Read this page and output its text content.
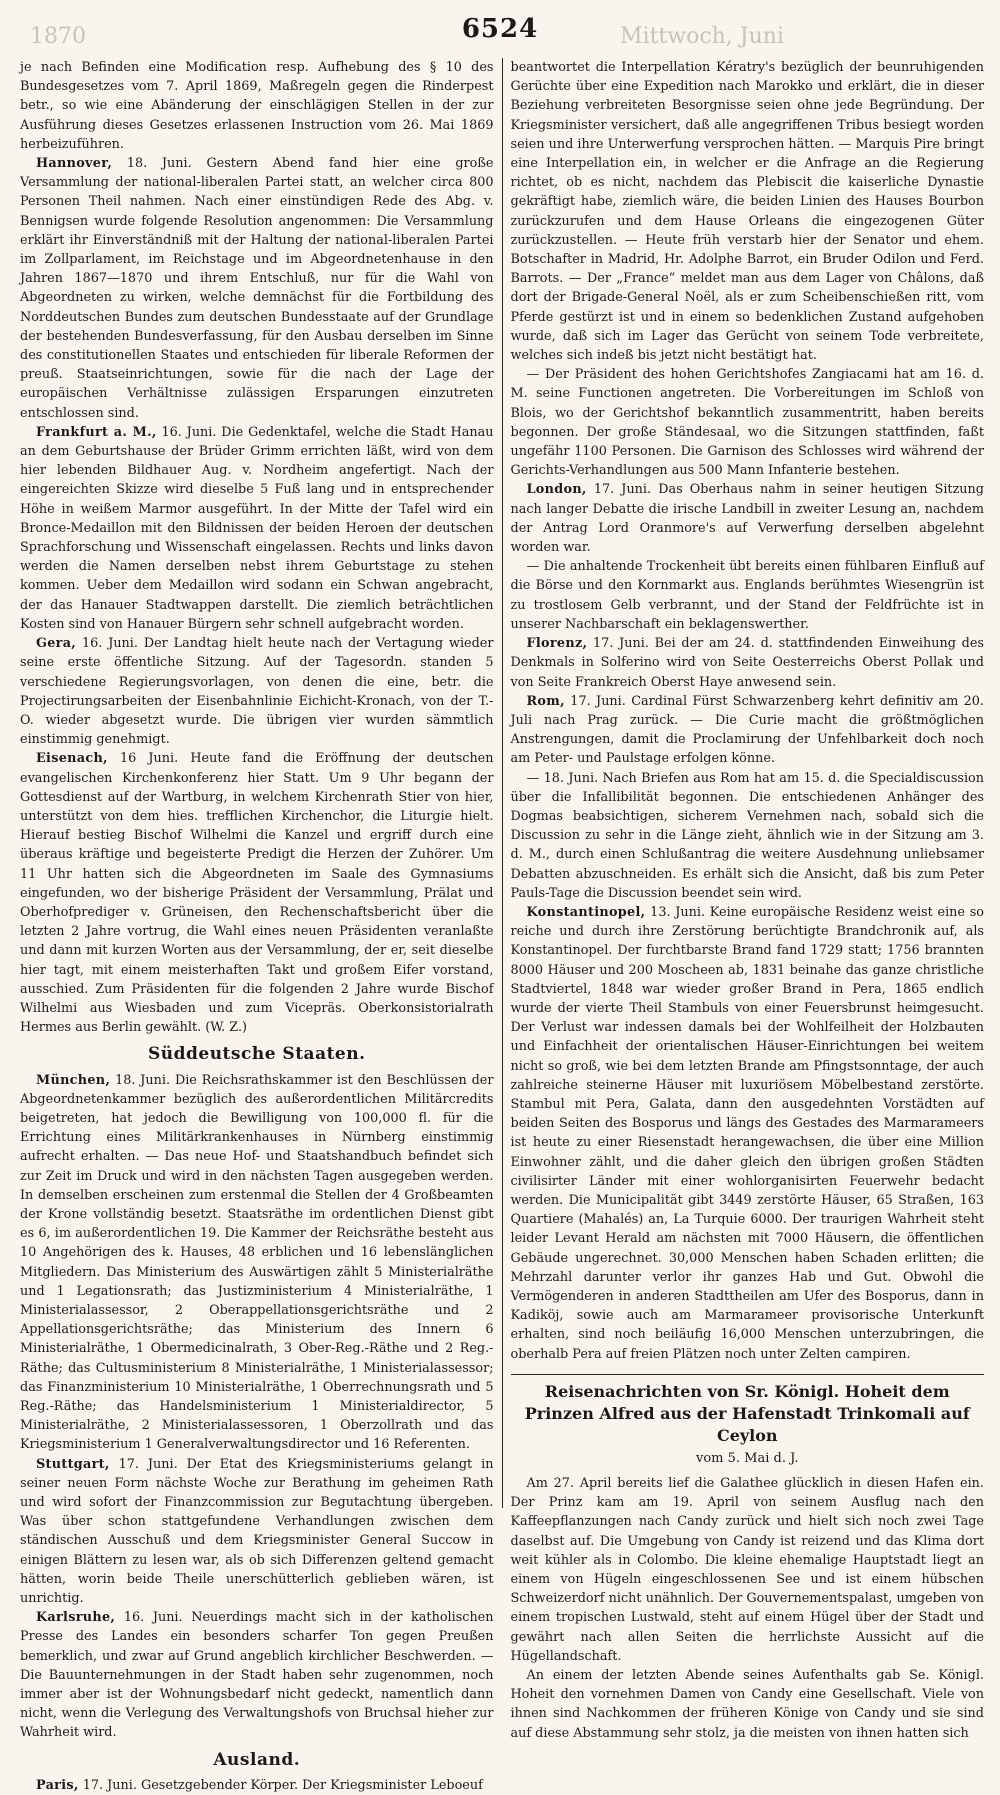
1870	Mittwoch, Juni
6524

je nach Befinden eine Modification resp. Aufhebung des § 10 des Bundesgesetzes vom 7. April 1869, Maßregeln gegen die Rinderpest betr., so wie eine Abänderung der einschlägigen Stellen in der zur Ausführung dieses Gesetzes erlassenen Instruction vom 26. Mai 1869 herbeizuführen.

Hannover, 18. Juni. Gestern Abend fand hier eine große Versammlung der national-liberalen Partei statt, an welcher circa 800 Personen Theil nahmen. Nach einer einstündigen Rede des Abg. v. Bennigsen wurde folgende Resolution angenommen: Die Versammlung erklärt ihr Einverständniß mit der Haltung der national-liberalen Partei im Zollparlament, im Reichstage und im Abgeordnetenhause in den Jahren 1867—1870 und ihrem Entschluß, nur für die Wahl von Abgeordneten zu wirken, welche demnächst für die Fortbildung des Norddeutschen Bundes zum deutschen Bundesstaate auf der Grundlage der bestehenden Bundesverfassung, für den Ausbau derselben im Sinne des constitutionellen Staates und entschieden für liberale Reformen der preuß. Staatseinrichtungen, sowie für die nach der Lage der europäischen Verhältnisse zulässigen Ersparungen einzutreten entschlossen sind.

Frankfurt a. M., 16. Juni. Die Gedenktafel, welche die Stadt Hanau an dem Geburtshause der Brüder Grimm errichten läßt, wird von dem hier lebenden Bildhauer Aug. v. Nordheim angefertigt. Nach der eingereichten Skizze wird dieselbe 5 Fuß lang und in entsprechender Höhe in weißem Marmor ausgeführt. In der Mitte der Tafel wird ein Bronce-Medaillon mit den Bildnissen der beiden Heroen der deutschen Sprachforschung und Wissenschaft eingelassen. Rechts und links davon werden die Namen derselben nebst ihrem Geburtstage zu stehen kommen. Ueber dem Medaillon wird sodann ein Schwan angebracht, der das Hanauer Stadtwappen darstellt. Die ziemlich beträchtlichen Kosten sind von Hanauer Bürgern sehr schnell aufgebracht worden.

Gera, 16. Juni. Der Landtag hielt heute nach der Vertagung wieder seine erste öffentliche Sitzung. Auf der Tagesordn. standen 5 verschiedene Regierungsvorlagen, von denen die eine, betr. die Projectirungsarbeiten der Eisenbahnlinie Eichicht-Kronach, von der T.-O. wieder abgesetzt wurde. Die übrigen vier wurden sämmtlich einstimmig genehmigt.

Eisenach, 16 Juni. Heute fand die Eröffnung der deutschen evangelischen Kirchenkonferenz hier Statt. Um 9 Uhr begann der Gottesdienst auf der Wartburg, in welchem Kirchenrath Stier von hier, unterstützt von dem hies. trefflichen Kirchenchor, die Liturgie hielt. Hierauf bestieg Bischof Wilhelmi die Kanzel und ergriff durch eine überaus kräftige und begeisterte Predigt die Herzen der Zuhörer. Um 11 Uhr hatten sich die Abgeordneten im Saale des Gymnasiums eingefunden, wo der bisherige Präsident der Versammlung, Prälat und Oberhofprediger v. Grüneisen, den Rechenschaftsbericht über die letzten 2 Jahre vortrug, die Wahl eines neuen Präsidenten veranlaßte und dann mit kurzen Worten aus der Versammlung, der er, seit dieselbe hier tagt, mit einem meisterhaften Takt und großem Eifer vorstand, ausschied. Zum Präsidenten für die folgenden 2 Jahre wurde Bischof Wilhelmi aus Wiesbaden und zum Vicepräs. Oberkonsistorialrath Hermes aus Berlin gewählt. (W. Z.)

Süddeutsche Staaten.

München, 18. Juni. Die Reichsrathskammer ist den Beschlüssen der Abgeordnetenkammer bezüglich des außerordentlichen Militärcredits beigetreten, hat jedoch die Bewilligung von 100,000 fl. für die Errichtung eines Militärkrankenhauses in Nürnberg einstimmig aufrecht erhalten. — Das neue Hof- und Staatshandbuch befindet sich zur Zeit im Druck und wird in den nächsten Tagen ausgegeben werden. In demselben erscheinen zum erstenmal die Stellen der 4 Großbeamten der Krone vollständig besetzt. Staatsräthe im ordentlichen Dienst gibt es 6, im außerordentlichen 19. Die Kammer der Reichsräthe besteht aus 10 Angehörigen des k. Hauses, 48 erblichen und 16 lebenslänglichen Mitgliedern. Das Ministerium des Auswärtigen zählt 5 Ministerialräthe und 1 Legationsrath; das Justizministerium 4 Ministerialräthe, 1 Ministerialassessor, 2 Oberappellationsgerichtsräthe und 2 Appellationsgerichtsräthe; das Ministerium des Innern 6 Ministerialräthe, 1 Obermedicinalrath, 3 Ober-Reg.-Räthe und 2 Reg.-Räthe; das Cultusministerium 8 Ministerialräthe, 1 Ministerialassessor; das Finanzministerium 10 Ministerialräthe, 1 Oberrechnungsrath und 5 Reg.-Räthe; das Handelsministerium 1 Ministerialdirector, 5 Ministerialräthe, 2 Ministerialassessoren, 1 Oberzollrath und das Kriegsministerium 1 Generalverwaltungsdirector und 16 Referenten.

Stuttgart, 17. Juni. Der Etat des Kriegsministeriums gelangt in seiner neuen Form nächste Woche zur Berathung im geheimen Rath und wird sofort der Finanzcommission zur Begutachtung übergeben. Was über schon stattgefundene Verhandlungen zwischen dem ständischen Ausschuß und dem Kriegsminister General Succow in einigen Blättern zu lesen war, als ob sich Differenzen geltend gemacht hätten, worin beide Theile unerschütterlich geblieben wären, ist unrichtig.

Karlsruhe, 16. Juni. Neuerdings macht sich in der katholischen Presse des Landes ein besonders scharfer Ton gegen Preußen bemerklich, und zwar auf Grund angeblich kirchlicher Beschwerden. — Die Bauunternehmungen in der Stadt haben sehr zugenommen, noch immer aber ist der Wohnungsbedarf nicht gedeckt, namentlich dann nicht, wenn die Verlegung des Verwaltungshofs von Bruchsal hieher zur Wahrheit wird.

Ausland.

Paris, 17. Juni. Gesetzgebender Körper. Der Kriegsminister Leboeuf

beantwortet die Interpellation Kératry's bezüglich der beunruhigenden Gerüchte über eine Expedition nach Marokko und erklärt, die in dieser Beziehung verbreiteten Besorgnisse seien ohne jede Begründung. Der Kriegsminister versichert, daß alle angegriffenen Tribus besiegt worden seien und ihre Unterwerfung versprochen hätten. — Marquis Pire bringt eine Interpellation ein, in welcher er die Anfrage an die Regierung richtet, ob es nicht, nachdem das Plebiscit die kaiserliche Dynastie gekräftigt habe, ziemlich wäre, die beiden Linien des Hauses Bourbon zurückzurufen und dem Hause Orleans die eingezogenen Güter zurückzustellen. — Heute früh verstarb hier der Senator und ehem. Botschafter in Madrid, Hr. Adolphe Barrot, ein Bruder Odilon und Ferd. Barrots. — Der „France“ meldet man aus dem Lager von Châlons, daß dort der Brigade-General Noël, als er zum Scheibenschießen ritt, vom Pferde gestürzt ist und in einem so bedenklichen Zustand aufgehoben wurde, daß sich im Lager das Gerücht von seinem Tode verbreitete, welches sich indeß bis jetzt nicht bestätigt hat.

— Der Präsident des hohen Gerichtshofes Zangiacami hat am 16. d. M. seine Functionen angetreten. Die Vorbereitungen im Schloß von Blois, wo der Gerichtshof bekanntlich zusammentritt, haben bereits begonnen. Der große Ständesaal, wo die Sitzungen stattfinden, faßt ungefähr 1100 Personen. Die Garnison des Schlosses wird während der Gerichts-Verhandlungen aus 500 Mann Infanterie bestehen.

London, 17. Juni. Das Oberhaus nahm in seiner heutigen Sitzung nach langer Debatte die irische Landbill in zweiter Lesung an, nachdem der Antrag Lord Oranmore's auf Verwerfung derselben abgelehnt worden war.

— Die anhaltende Trockenheit übt bereits einen fühlbaren Einfluß auf die Börse und den Kornmarkt aus. Englands berühmtes Wiesengrün ist zu trostlosem Gelb verbrannt, und der Stand der Feldfrüchte ist in unserer Nachbarschaft ein beklagenswerther.

Florenz, 17. Juni. Bei der am 24. d. stattfindenden Einweihung des Denkmals in Solferino wird von Seite Oesterreichs Oberst Pollak und von Seite Frankreich Oberst Haye anwesend sein.

Rom, 17. Juni. Cardinal Fürst Schwarzenberg kehrt definitiv am 20. Juli nach Prag zurück. — Die Curie macht die größtmöglichen Anstrengungen, damit die Proclamirung der Unfehlbarkeit doch noch am Peter- und Paulstage erfolgen könne.

— 18. Juni. Nach Briefen aus Rom hat am 15. d. die Specialdiscussion über die Infallibilität begonnen. Die entschiedenen Anhänger des Dogmas beabsichtigen, sicherem Vernehmen nach, sobald sich die Discussion zu sehr in die Länge zieht, ähnlich wie in der Sitzung am 3. d. M., durch einen Schlußantrag die weitere Ausdehnung unliebsamer Debatten abzuschneiden. Es erhält sich die Ansicht, daß bis zum Peter Pauls-Tage die Discussion beendet sein wird.

Konstantinopel, 13. Juni. Keine europäische Residenz weist eine so reiche und durch ihre Zerstörung berüchtigte Brandchronik auf, als Konstantinopel. Der furchtbarste Brand fand 1729 statt; 1756 brannten 8000 Häuser und 200 Moscheen ab, 1831 beinahe das ganze christliche Stadtviertel, 1848 war wieder großer Brand in Pera, 1865 endlich wurde der vierte Theil Stambuls von einer Feuersbrunst heimgesucht. Der Verlust war indessen damals bei der Wohlfeilheit der Holzbauten und Einfachheit der orientalischen Häuser-Einrichtungen bei weitem nicht so groß, wie bei dem letzten Brande am Pfingstsonntage, der auch zahlreiche steinerne Häuser mit luxuriösem Möbelbestand zerstörte. Stambul mit Pera, Galata, dann den ausgedehnten Vorstädten auf beiden Seiten des Bosporus und längs des Gestades des Marmarameers ist heute zu einer Riesenstadt herangewachsen, die über eine Million Einwohner zählt, und die daher gleich den übrigen großen Städten civilisirter Länder mit einer wohlorganisirten Feuerwehr bedacht werden. Die Municipalität gibt 3449 zerstörte Häuser, 65 Straßen, 163 Quartiere (Mahalés) an, La Turquie 6000. Der traurigen Wahrheit steht leider Levant Herald am nächsten mit 7000 Häusern, die öffentlichen Gebäude ungerechnet. 30,000 Menschen haben Schaden erlitten; die Mehrzahl darunter verlor ihr ganzes Hab und Gut. Obwohl die Vermögenderen in anderen Stadttheilen am Ufer des Bosporus, dann in Kadiköj, sowie auch am Marmarameer provisorische Unterkunft erhalten, sind noch beiläufig 16,000 Menschen unterzubringen, die oberhalb Pera auf freien Plätzen noch unter Zelten campiren.

Reisenachrichten von Sr. Königl. Hoheit dem Prinzen Alfred aus der Hafenstadt Trinkomali auf Ceylon
vom 5. Mai d. J.

Am 27. April bereits lief die Galathee glücklich in diesen Hafen ein. Der Prinz kam am 19. April von seinem Ausflug nach den Kaffeepflanzungen nach Candy zurück und hielt sich noch zwei Tage daselbst auf. Die Umgebung von Candy ist reizend und das Klima dort weit kühler als in Colombo. Die kleine ehemalige Hauptstadt liegt an einem von Hügeln eingeschlossenen See und ist einem hübschen Schweizerdorf nicht unähnlich. Der Gouvernementspalast, umgeben von einem tropischen Lustwald, steht auf einem Hügel über der Stadt und gewährt nach allen Seiten die herrlichste Aussicht auf die Hügellandschaft.

An einem der letzten Abende seines Aufenthalts gab Se. Königl. Hoheit den vornehmen Damen von Candy eine Gesellschaft. Viele von ihnen sind Nachkommen der früheren Könige von Candy und sie sind auf diese Abstammung sehr stolz, ja die meisten von ihnen hatten sich
